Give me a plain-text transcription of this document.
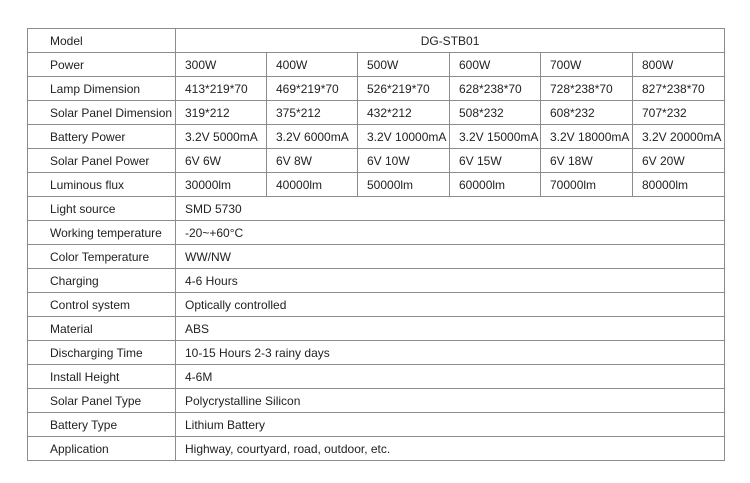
Model	DG-STB01					
Power	300W	400W	500W	600W	700W	800W
Lamp Dimension	413*219*70	469*219*70	526*219*70	628*238*70	728*238*70	827*238*70
Solar Panel Dimension	319*212	375*212	432*212	508*232	608*232	707*232
Battery Power	3.2V 5000mA	3.2V 6000mA	3.2V 10000mA	3.2V 15000mA	3.2V 18000mA	3.2V 20000mA
Solar Panel Power	6V 6W	6V 8W	6V 10W	6V 15W	6V 18W	6V 20W
Luminous flux	30000lm	40000lm	50000lm	60000lm	70000lm	80000lm
Light source	SMD 5730					
Working temperature	-20~+60°C					
Color Temperature	WW/NW					
Charging	4-6 Hours					
Control system	Optically controlled					
Material	ABS					
Discharging Time	10-15 Hours 2-3 rainy days					
Install Height	4-6M					
Solar Panel Type	Polycrystalline Silicon					
Battery Type	Lithium Battery					
Application	Highway, courtyard, road, outdoor, etc.					
